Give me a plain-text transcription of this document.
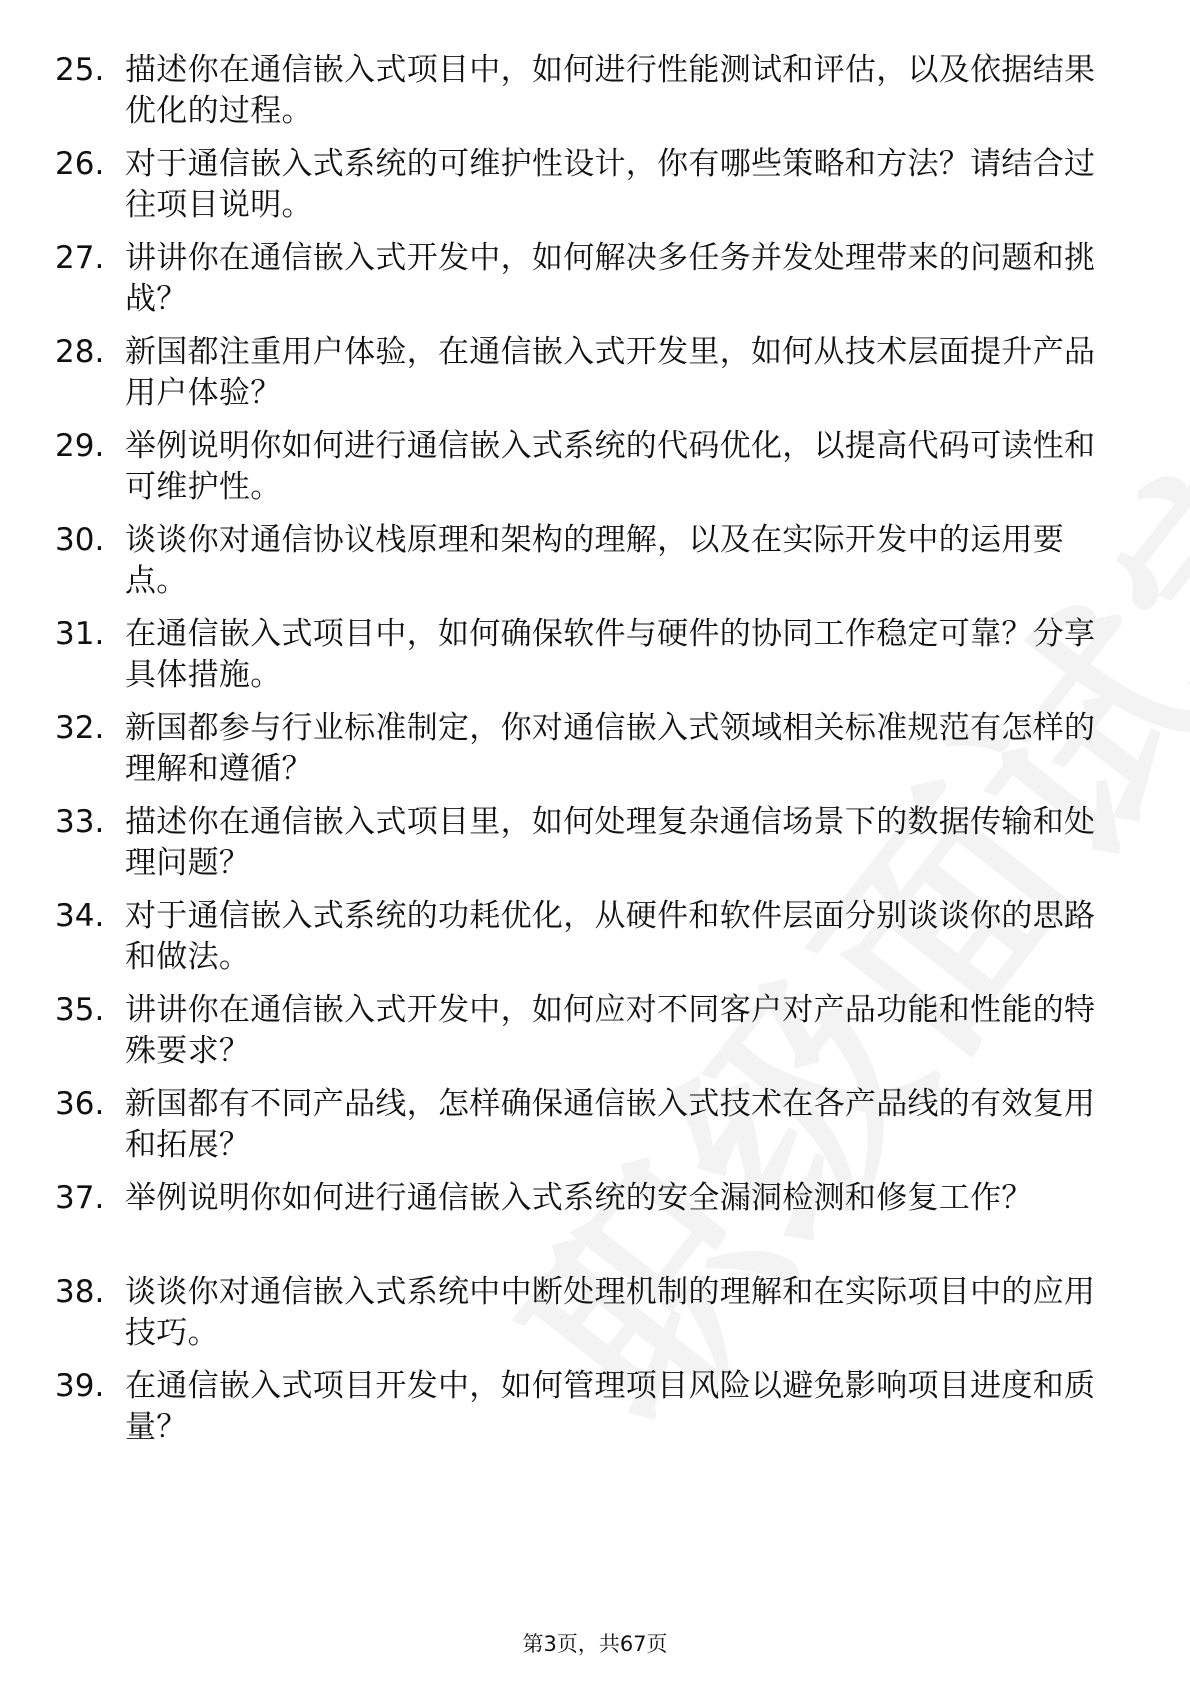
25. 描述你在通信嵌入式项目中，如何进行性能测试和评估，以及依据结果优化的过程。
26. 对于通信嵌入式系统的可维护性设计，你有哪些策略和方法？请结合过往项目说明。
27. 讲讲你在通信嵌入式开发中，如何解决多任务并发处理带来的问题和挑战？
28. 新国都注重用户体验，在通信嵌入式开发里，如何从技术层面提升产品用户体验？
29. 举例说明你如何进行通信嵌入式系统的代码优化，以提高代码可读性和可维护性。
30. 谈谈你对通信协议栈原理和架构的理解，以及在实际开发中的运用要点。
31. 在通信嵌入式项目中，如何确保软件与硬件的协同工作稳定可靠？分享具体措施。
32. 新国都参与行业标准制定，你对通信嵌入式领域相关标准规范有怎样的理解和遵循？
33. 描述你在通信嵌入式项目里，如何处理复杂通信场景下的数据传输和处理问题？
34. 对于通信嵌入式系统的功耗优化，从硬件和软件层面分别谈谈你的思路和做法。
35. 讲讲你在通信嵌入式开发中，如何应对不同客户对产品功能和性能的特殊要求？
36. 新国都有不同产品线，怎样确保通信嵌入式技术在各产品线的有效复用和拓展？
37. 举例说明你如何进行通信嵌入式系统的安全漏洞检测和修复工作？
38. 谈谈你对通信嵌入式系统中中断处理机制的理解和在实际项目中的应用技巧。
39. 在通信嵌入式项目开发中，如何管理项目风险以避免影响项目进度和质量？
第3页，共67页
